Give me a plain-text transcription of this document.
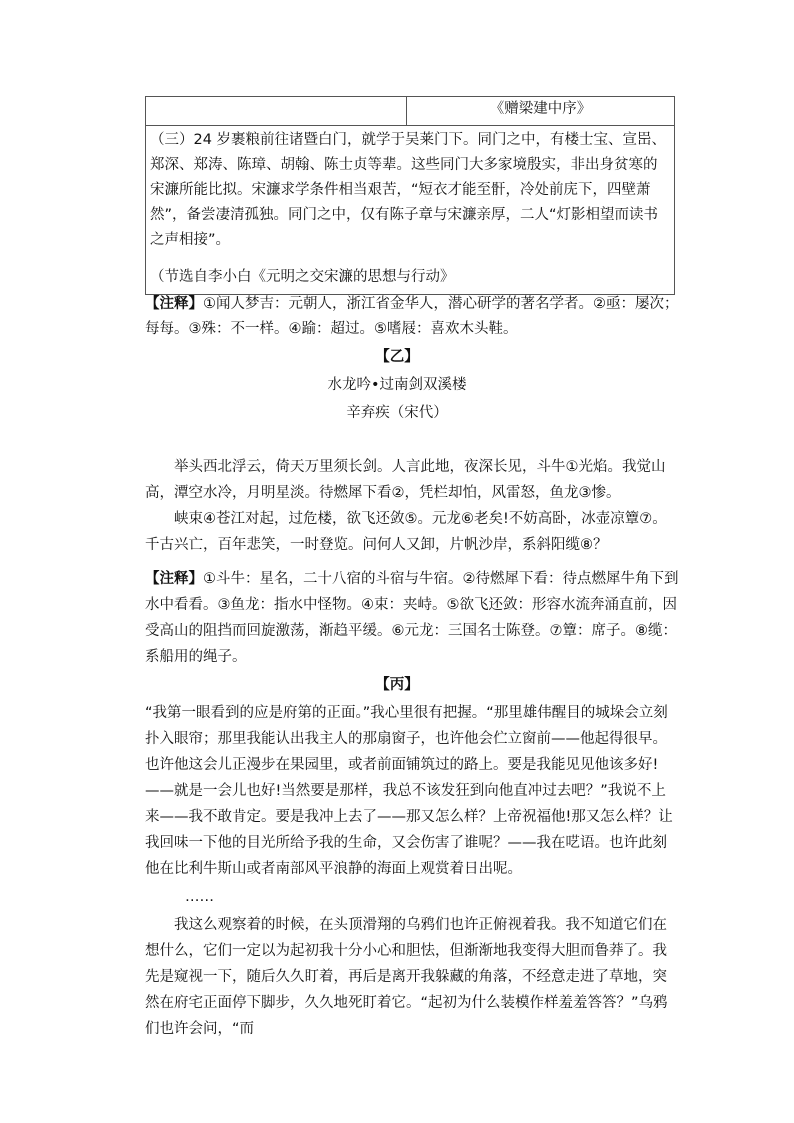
	《赠梁建中序》

（三）24 岁裹粮前往诸暨白门，就学于吴莱门下。同门之中，有楼士宝、宣岊、郑深、郑涛、陈璋、胡翰、陈士贞等辈。这些同门大多家境殷实，非出身贫寒的宋濂所能比拟。宋濂求学条件相当艰苦，“短衣才能至骭，冷处前庑下，四壁萧然”，备尝凄清孤独。同门之中，仅有陈子章与宋濂亲厚，二人“灯影相望而读书之声相接”。
（节选自李小白《元明之交宋濂的思想与行动》
【注释】①闻人梦吉：元朝人，浙江省金华人，潜心研学的著名学者。②亟：屡次；每每。③殊：不一样。④踰：超过。⑤嗜屐：喜欢木头鞋。
【乙】
水龙吟•过南剑双溪楼
辛弃疾（宋代）

举头西北浮云，倚天万里须长剑。人言此地，夜深长见，斗牛①光焰。我觉山高，潭空水冷，月明星淡。待燃犀下看②，凭栏却怕，风雷怒，鱼龙③惨。

峡束④苍江对起，过危楼，欲飞还敛⑤。元龙⑥老矣!不妨高卧，冰壶凉簟⑦。千古兴亡，百年悲笑，一时登览。问何人又卸，片帆沙岸，系斜阳缆⑧？

【注释】①斗牛：星名，二十八宿的斗宿与牛宿。②待燃犀下看：待点燃犀牛角下到水中看看。③鱼龙：指水中怪物。④束：夹峙。⑤欲飞还敛：形容水流奔涌直前，因受高山的阻挡而回旋激荡，渐趋平缓。⑥元龙：三国名士陈登。⑦簟：席子。⑧缆：系船用的绳子。
【丙】

“我第一眼看到的应是府第的正面。”我心里很有把握。“那里雄伟醒目的城垛会立刻扑入眼帘；那里我能认出我主人的那扇窗子，也许他会伫立窗前——他起得很早。也许他这会儿正漫步在果园里，或者前面铺筑过的路上。要是我能见见他该多好!——就是一会儿也好!当然要是那样，我总不该发狂到向他直冲过去吧？”我说不上来——我不敢肯定。要是我冲上去了——那又怎么样？上帝祝福他!那又怎么样？让我回味一下他的目光所给予我的生命，又会伤害了谁呢？——我在呓语。也许此刻他在比利牛斯山或者南部风平浪静的海面上观赏着日出呢。

……

我这么观察着的时候，在头顶滑翔的乌鸦们也许正俯视着我。我不知道它们在想什么，它们一定以为起初我十分小心和胆怯，但渐渐地我变得大胆而鲁莽了。我先是窥视一下，随后久久盯着，再后是离开我躲藏的角落，不经意走进了草地，突然在府宅正面停下脚步，久久地死盯着它。“起初为什么装模作样羞羞答答？”乌鸦们也许会问，“而
